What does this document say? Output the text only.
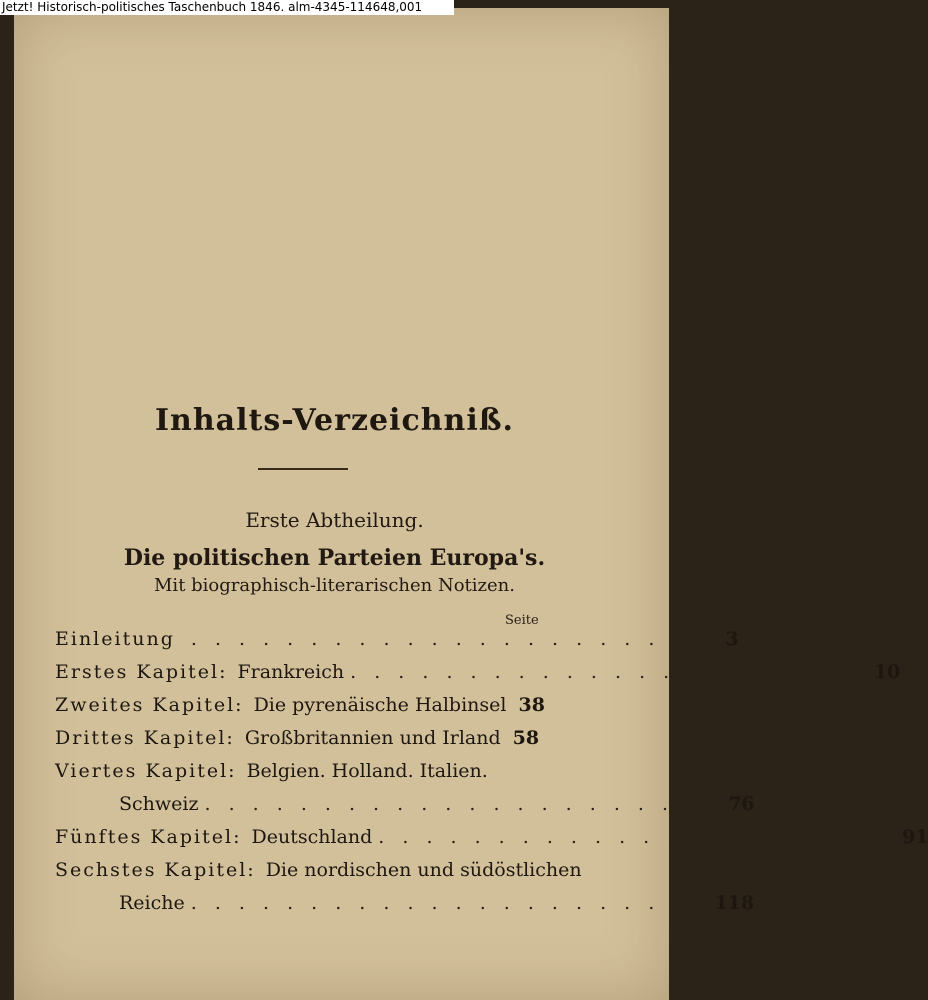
Jetzt! Historisch-politisches Taschenbuch 1846. alm-4345-114648,001
Inhalts-Verzeichniß.
Erste Abtheilung.
Die politischen Parteien Europa's.
Mit biographisch-literarischen Notizen.
Seite
Einleitung . . . . . . . . . . . . . . . . . . . . . . 3
Erstes Kapitel: Frankreich . . . . . . . . . . . . . . . . . . . . . . 10
Zweites Kapitel: Die pyrenäische Halbinsel 38
Drittes Kapitel: Großbritannien und Irland 58
Viertes Kapitel: Belgien. Holland. Italien.
Schweiz . . . . . . . . . . . . . . . . . . . . . . 76
Fünftes Kapitel: Deutschland . . . . . . . . . . . . . . . . . . . . . . 91
Sechstes Kapitel: Die nordischen und südöstlichen
Reiche . . . . . . . . . . . . . . . . . . . . . . 118
